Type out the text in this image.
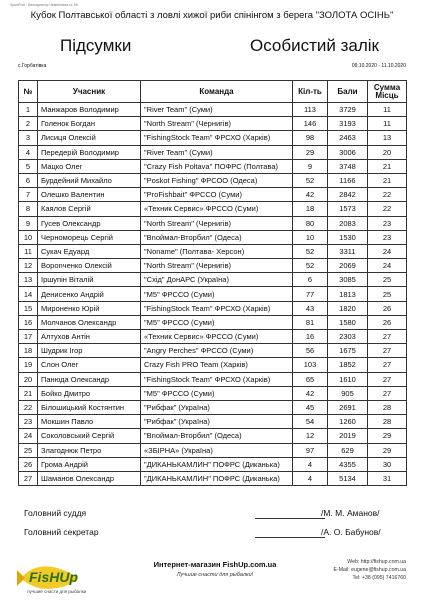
SportFish - Калькулятор Чемпіоната v1.5b
Кубок Полтавської області з ловлі хижої риби спінінгом з берега "ЗОЛОТА ОСІНЬ"
Підсумки	Особистий залік
с.Горбатівка	09.10.2020 - 11.10.2020
№	Учасник	Команда	Кіл-ть	Бали	Сумма Місць
1	Манжаров Володимир	"River Team" (Суми)	113	3729	11
2	Голенок Богдан	"North Stream" (Чернигів)	146	3193	11
3	Лисиця Олексій	"FishingStock Team" ФРСХО (Харків)	98	2463	13
4	Передерій Володимир	"River Team" (Суми)	29	3006	20
5	Мацко Олег	"Crazy Fish Poltava" ПОФРС (Полтава)	9	3748	21
6	Бурдейний Михайло	"Poskot Fishing" ФРСОО (Одеса)	52	1166	21
7	Олешко Валентин	"ProFishbait" ФРССО (Суми)	42	2842	22
8	Каялов Сергій	«Техник Сервис» ФРССО (Суми)	18	1573	22
9	Гусев Олександр	"North Stream" (Чернигів)	80	2083	23
10	Черноморець Сергій	"Вnоймал-Вторбил" (Одеса)	10	1530	23
11	Сукач Едуард	"Noname" (Полтава- Херсон)	52	3311	24
12	Ворonченко Олексій	"North Stream" (Чернигів)	52	2069	24
13	Іршупін Віталій	"Схід" ДонАРС (Україна)	6	3085	25
14	Денисенко Андрій	"M5" ФРССО (Суми)	77	1813	25
15	Мироненко Юрій	"FishingStock Team" ФРСХО (Харків)	43	1820	26
16	Молчанов Олександр	"M5" ФРССО (Суми)	81	1580	26
17	Алтухов Антін	«Техник Сервис» ФРССО (Суми)	16	2303	27
18	Шудрик Ігор	"Angry Perches" ФРССО (Суми)	56	1675	27
19	Слон Олег	Crazy Fish PRO Team (Харків)	103	1852	27
20	Панюда Олександр	"FishingStock Team" ФРСХО (Харків)	65	1610	27
21	Бойко Дмитро	"M5" ФРССО (Суми)	42	905	27
22	Білошицький Костянтин	"Рибфак" (Україна)	45	2691	28
23	Мокшин Павло	"Рибфак" (Україна)	54	1260	28
24	Соколовський Сергій	"Вnоймал-Вторбил" (Одеса)	12	2019	29
25	Злагоднюк Петро	«ЗБІРНА» (Україна)	97	629	29
26	Грома Андрій	"ДИКАНЬКАМЛИН" ПОФРС (Диканька)	4	4355	30
27	Шаманов Олександр	"ДИКАНЬКАМЛИН" ПОФРС (Диканька)	4	5134	31
Головний суддя	/М. М. Аманов/
Головний секретар	/А. О. Бабунов/
FisHUp
лучшие снасти для рыбалки
Интернет-магазин FishUp.com.ua
Лучшие снасти для рыбалки!
Web: http://fishup.com.ua
E-Mail: eugene@fishup.com.ua
Tel: +38 (095) 7416760
